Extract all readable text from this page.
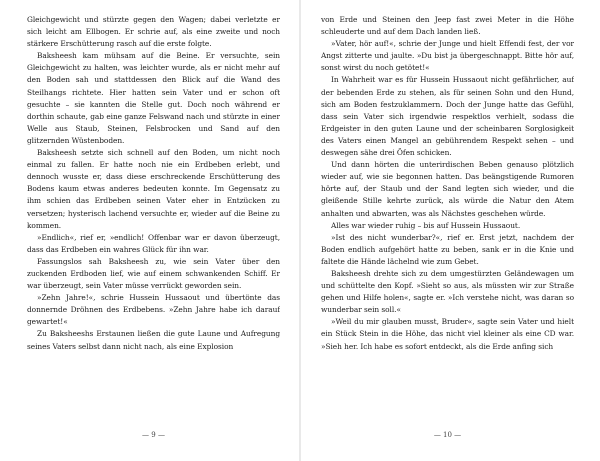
Gleichgewicht und stürzte gegen den Wagen; dabei verletzte er sich leicht am Ellbogen. Er schrie auf, als eine zweite und noch stärkere Erschütterung rasch auf die erste folgte.

Baksheesh kam mühsam auf die Beine. Er versuchte, sein Gleichgewicht zu halten, was leichter wurde, als er nicht mehr auf den Boden sah und stattdessen den Blick auf die Wand des Steilhangs richtete. Hier hatten sein Vater und er schon oft gesuchte – sie kannten die Stelle gut. Doch noch während er dorthin schaute, gab eine ganze Felswand nach und stürzte in einer Welle aus Staub, Steinen, Felsbrocken und Sand auf den glitzernden Wüstenboden.

Baksheesh setzte sich schnell auf den Boden, um nicht noch einmal zu fallen. Er hatte noch nie ein Erdbeben erlebt, und dennoch wusste er, dass diese erschreckende Erschütterung des Bodens kaum etwas anderes bedeuten konnte. Im Gegensatz zu ihm schien das Erdbeben seinen Vater eher in Entzücken zu versetzen; hysterisch lachend versuchte er, wieder auf die Beine zu kommen.

»Endlich«, rief er, »endlich! Offenbar war er davon überzeugt, dass das Erdbeben ein wahres Glück für ihn war.

Fassungslos sah Baksheesh zu, wie sein Vater über den zuckenden Erdboden lief, wie auf einem schwankenden Schiff. Er war überzeugt, sein Vater müsse verrückt geworden sein.

»Zehn Jahre!«, schrie Hussein Hussaout und übertönte das donnernde Dröhnen des Erdbebens. »Zehn Jahre habe ich darauf gewartet!«

Zu Baksheeshs Erstaunen ließen die gute Laune und Aufregung seines Vaters selbst dann nicht nach, als eine Explosion

— 9 —

von Erde und Steinen den Jeep fast zwei Meter in die Höhe schleuderte und auf dem Dach landen ließ.

»Vater, hör auf!«, schrie der Junge und hielt Effendi fest, der vor Angst zitterte und jaulte. »Du bist ja übergeschnappt. Bitte hör auf, sonst wirst du noch getötet!«

In Wahrheit war es für Hussein Hussaout nicht gefährlicher, auf der bebenden Erde zu stehen, als für seinen Sohn und den Hund, sich am Boden festzuklammern. Doch der Junge hatte das Gefühl, dass sein Vater sich irgendwie respektlos verhielt, sodass die Erdgeister in den guten Laune und der scheinbaren Sorglosigkeit des Vaters einen Mangel an gebührendem Respekt sehen – und deswegen sähe drei Öfen schicken.

Und dann hörten die unterirdischen Beben genauso plötzlich wieder auf, wie sie begonnen hatten. Das beängstigende Rumoren hörte auf, der Staub und der Sand legten sich wieder, und die gleißende Stille kehrte zurück, als würde die Natur den Atem anhalten und abwarten, was als Nächstes geschehen würde.

Alles war wieder ruhig – bis auf Hussein Hussaout.

»Ist des nicht wunderbar?«, rief er. Erst jetzt, nachdem der Boden endlich aufgehört hatte zu beben, sank er in die Knie und faltete die Hände lächelnd wie zum Gebet.

Baksheesh drehte sich zu dem umgestürzten Geländewagen um und schüttelte den Kopf. »Sieht so aus, als müssten wir zur Straße gehen und Hilfe holen«, sagte er. »Ich verstehe nicht, was daran so wunderbar sein soll.«

»Weil du mir glauben musst, Bruder«, sagte sein Vater und hielt ein Stück Stein in die Höhe, das nicht viel kleiner als eine CD war. »Sieh her. Ich habe es sofort entdeckt, als die Erde anfing sich

— 10 —
